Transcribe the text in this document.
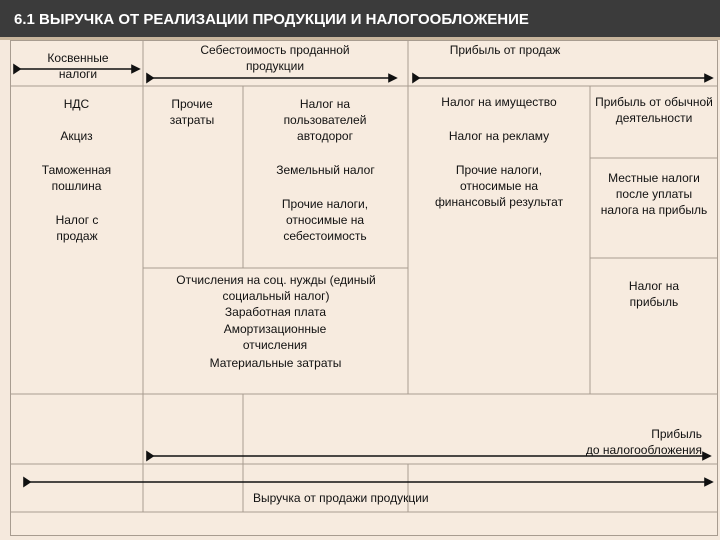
6.1 ВЫРУЧКА ОТ РЕАЛИЗАЦИИ ПРОДУКЦИИ И НАЛОГООБЛОЖЕНИЕ
Косвенные налоги
Себестоимость проданной продукции
Прибыль от продаж
НДС
Акциз
Таможенная пошлина
Налог с продаж
Прочие затраты
Налог на пользователей автодорог
Земельный налог
Прочие налоги, относимые на себестоимость
Отчисления на соц. нужды (единый социальный налог)
Заработная плата
Амортизационные отчисления
Материальные затраты
Налог на имущество
Налог на рекламу
Прочие налоги, относимые на финансовый результат
Прибыль от обычной деятельности
Местные налоги после уплаты налога на прибыль
Налог на прибыль
Прибыль
до налогообложения
Выручка от продажи продукции
